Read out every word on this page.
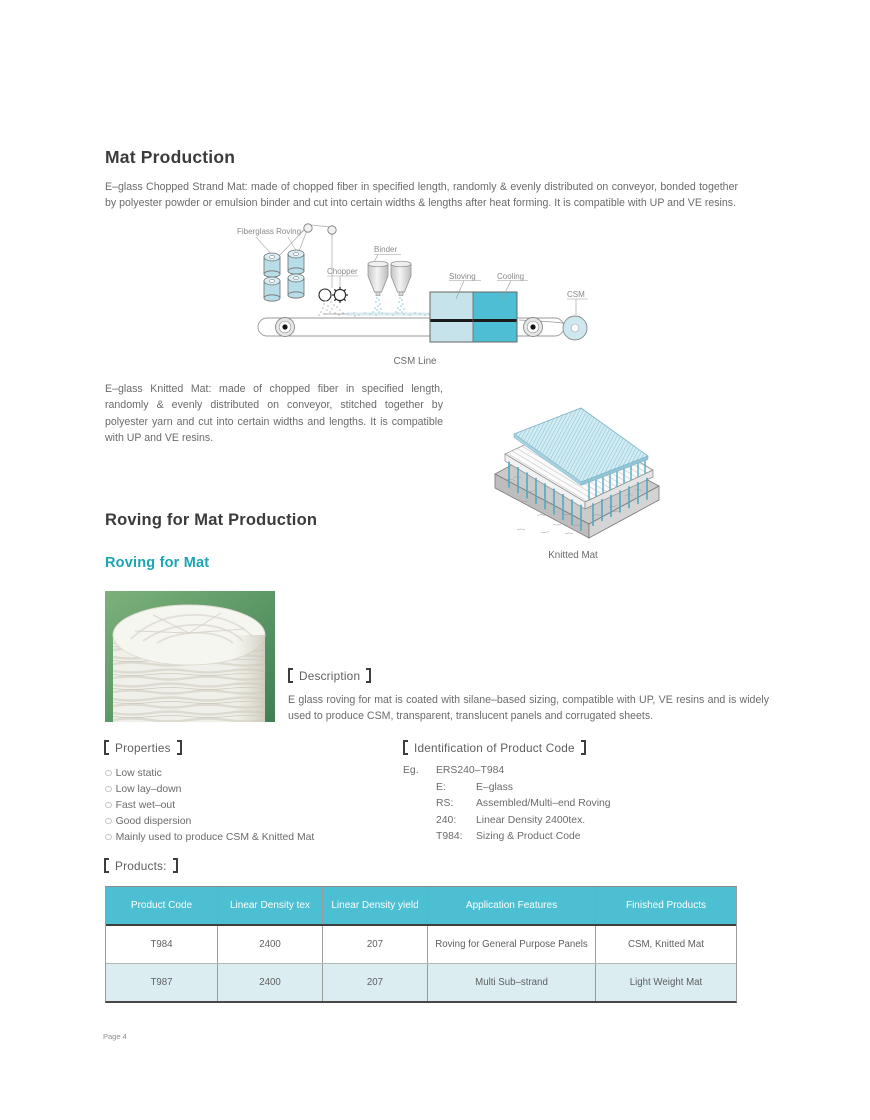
Mat Production
E–glass Chopped Strand Mat: made of chopped fiber in specified length, randomly & evenly distributed on conveyor, bonded together by polyester powder or emulsion binder and cut into certain widths & lengths after heat forming. It is compatible with UP and VE resins.
Fiberglass Roving
Chopper
Binder
Stoving	Cooling
CSM
CSM Line
E–glass Knitted Mat: made of chopped fiber in specified length, randomly & evenly distributed on conveyor, stitched together by polyester yarn and cut into certain widths and lengths. It is compatible with UP and VE resins.
Knitted Mat
Roving for Mat Production
Roving for Mat
Description
E glass roving for mat is coated with silane–based sizing, compatible with UP, VE resins and is widely used to produce CSM, transparent, translucent panels and corrugated sheets.
Properties
Low static
Low lay–down
Fast wet–out
Good dispersion
Mainly used to produce CSM & Knitted Mat
Identification of Product Code
Eg.	ERS240–T984
E:	E–glass
RS:	Assembled/Multi–end Roving
240:	Linear Density 2400tex.
T984:	Sizing & Product Code
Products:
Product Code	Linear Density tex	Linear Density yield	Application Features	Finished Products
T984	2400	207	Roving for General Purpose Panels	CSM, Knitted Mat
T987	2400	207	Multi Sub–strand	Light Weight Mat
Page 4
